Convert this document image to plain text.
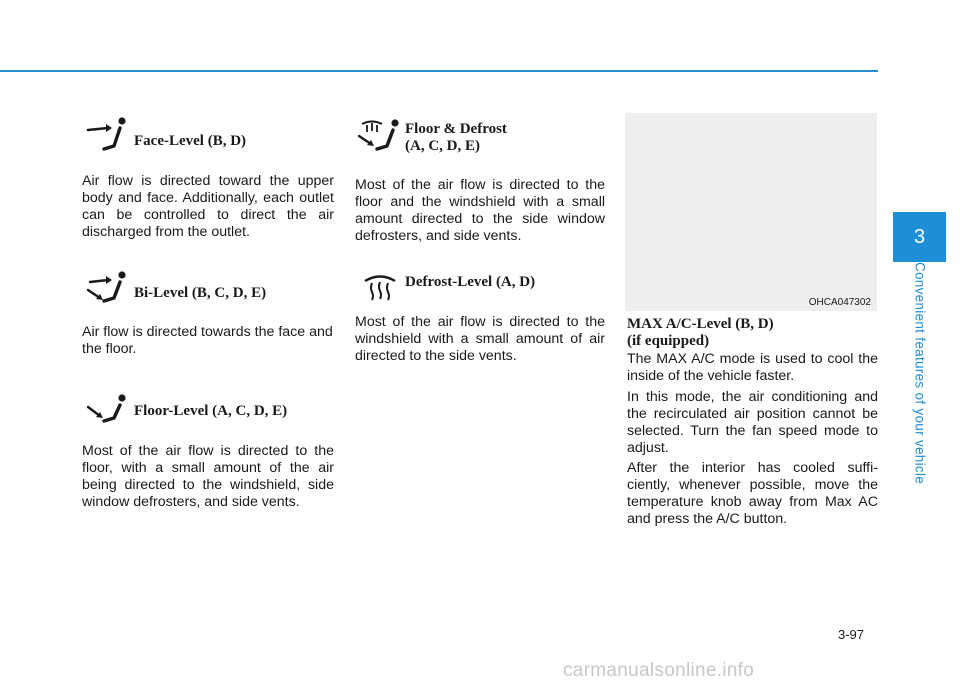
Face-Level (B, D)
Air flow is directed toward the upper body and face. Additionally, each outlet can be controlled to direct the air discharged from the outlet.
Bi-Level (B, C, D, E)
Air flow is directed towards the face and the floor.
Floor-Level (A, C, D, E)
Most of the air flow is directed to the floor, with a small amount of the air being directed to the windshield, side window defrosters, and side vents.
Floor & Defrost
(A, C, D, E)
Most of the air flow is directed to the floor and the windshield with a small amount directed to the side window defrosters, and side vents.
Defrost-Level (A, D)
Most of the air flow is directed to the windshield with a small amount of air directed to the side vents.
OHCA047302
MAX A/C-Level (B, D)
(if equipped)
The MAX A/C mode is used to cool the inside of the vehicle faster.
In this mode, the air conditioning and the recirculated air position cannot be selected. Turn the fan speed mode to adjust.
After the interior has cooled suffi-ciently, whenever possible, move the temperature knob away from Max AC and press the A/C button.
3
Convenient features of your vehicle
3-97
carmanualsonline.info
